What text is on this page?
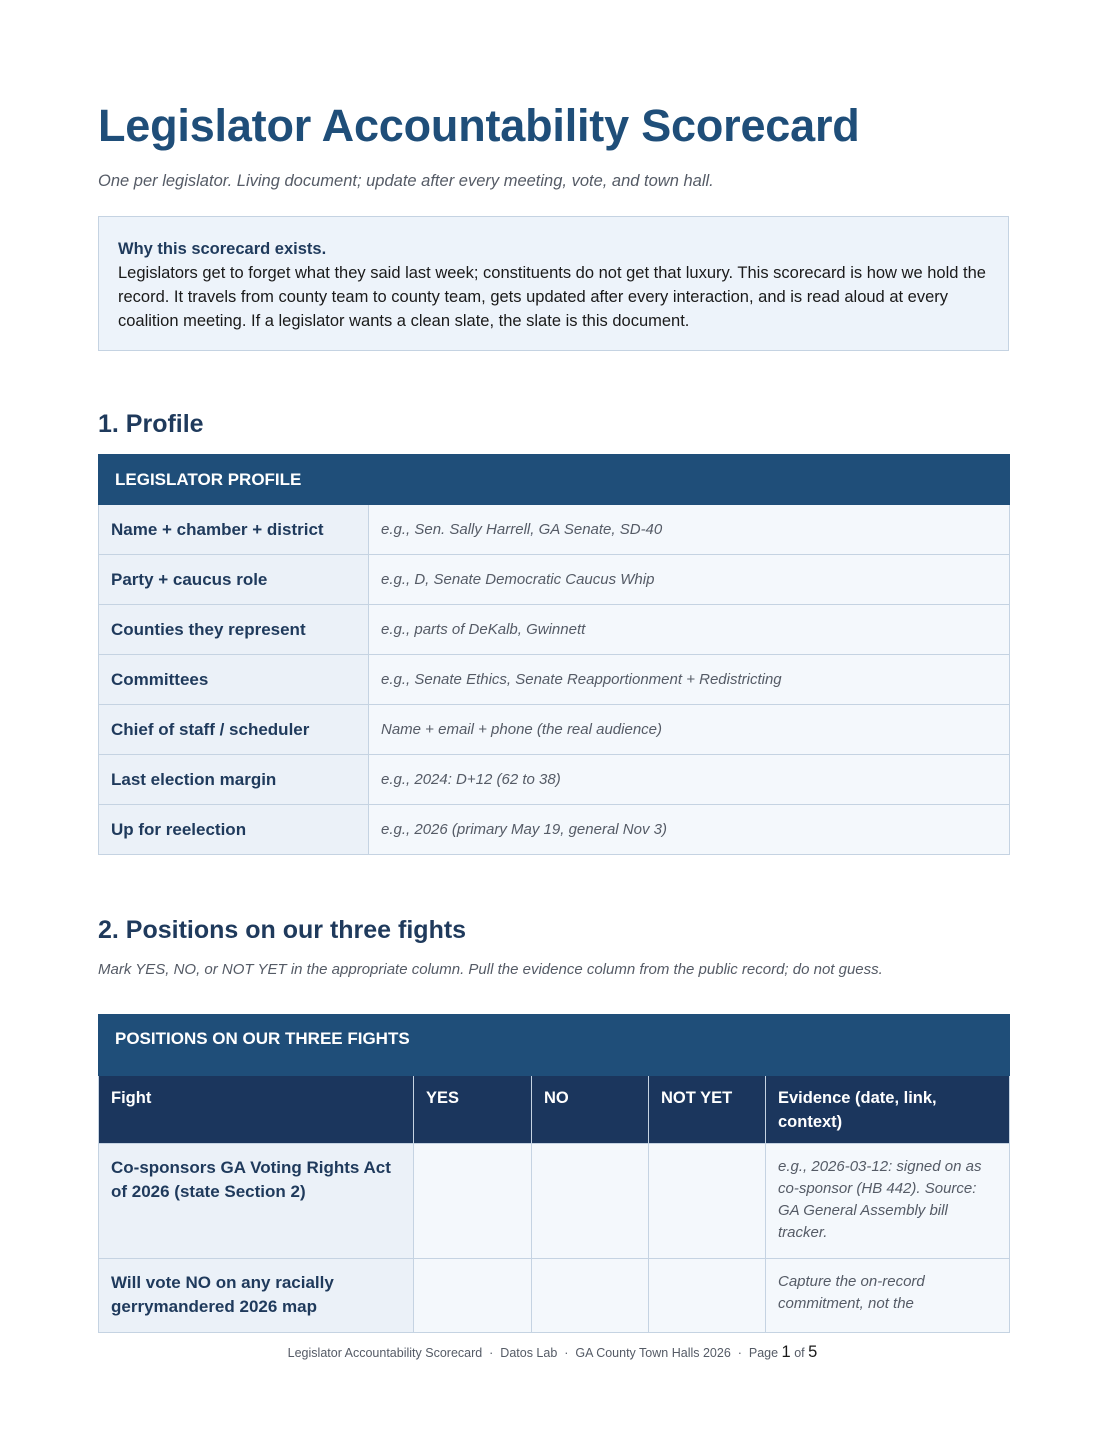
Legislator Accountability Scorecard

One per legislator. Living document; update after every meeting, vote, and town hall.

Why this scorecard exists.
Legislators get to forget what they said last week; constituents do not get that luxury. This scorecard is how we hold the record. It travels from county team to county team, gets updated after every interaction, and is read aloud at every coalition meeting. If a legislator wants a clean slate, the slate is this document.
1. Profile
LEGISLATOR PROFILE	
Name + chamber + district	e.g., Sen. Sally Harrell, GA Senate, SD-40
Party + caucus role	e.g., D, Senate Democratic Caucus Whip
Counties they represent	e.g., parts of DeKalb, Gwinnett
Committees	e.g., Senate Ethics, Senate Reapportionment + Redistricting
Chief of staff / scheduler	Name + email + phone (the real audience)
Last election margin	e.g., 2024: D+12 (62 to 38)
Up for reelection	e.g., 2026 (primary May 19, general Nov 3)
2. Positions on our three fights

Mark YES, NO, or NOT YET in the appropriate column. Pull the evidence column from the public record; do not guess.

POSITIONS ON OUR THREE FIGHTS				
Fight	YES	NO	NOT YET	Evidence (date, link, context)
Co-sponsors GA Voting Rights Act of 2026 (state Section 2)				e.g., 2026-03-12: signed on as co-sponsor (HB 442). Source: GA General Assembly bill tracker.
Will vote NO on any racially gerrymandered 2026 map				Capture the on-record commitment, not the
Legislator Accountability Scorecard · Datos Lab · GA County Town Halls 2026 · Page 1 of 5
